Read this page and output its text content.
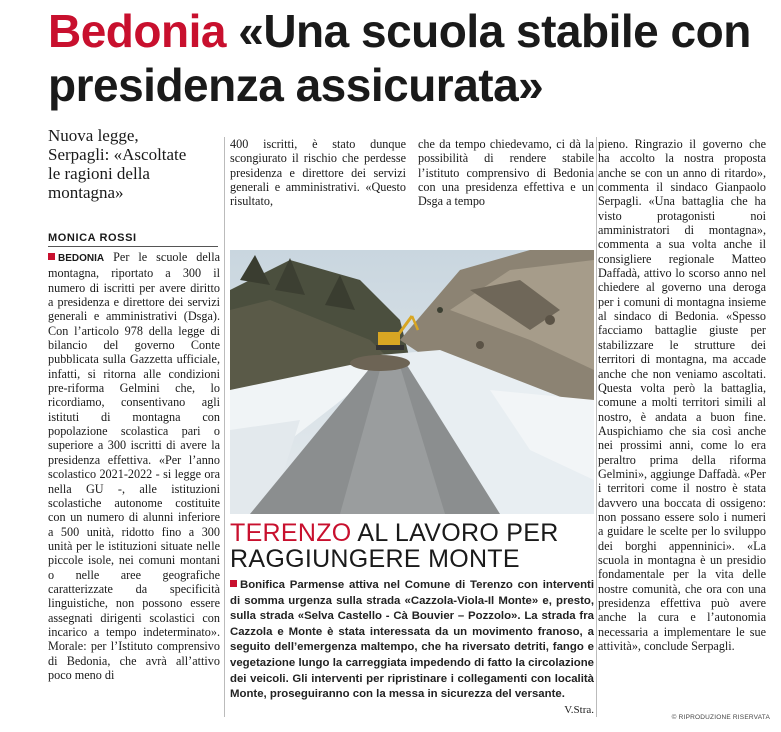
Bedonia «Una scuola stabile con presidenza assicurata»
Nuova legge, Serpagli: «Ascoltate le ragioni della montagna»
MONICA ROSSI
BEDONIA Per le scuole della montagna, riportato a 300 il numero di iscritti per avere diritto a presidenza e direttore dei servizi generali e amministrativi (Dsga). Con l’articolo 978 della legge di bilancio del governo Conte pubblicata sulla Gazzetta ufficiale, infatti, si ritorna alle condizioni pre-riforma Gelmini che, lo ricordiamo, consentivano agli istituti di montagna con popolazione scolastica pari o superiore a 300 iscritti di avere la presidenza effettiva. «Per l’anno scolastico 2021-2022 - si legge ora nella GU -, alle istituzioni scolastiche autonome costituite con un numero di alunni inferiore a 500 unità, ridotto fino a 300 unità per le istituzioni situate nelle piccole isole, nei comuni montani o nelle aree geografiche caratterizzate da specificità linguistiche, non possono essere assegnati dirigenti scolastici con incarico a tempo indeterminato». Morale: per l’Istituto comprensivo di Bedonia, che avrà all’attivo poco meno di
400 iscritti, è stato dunque scongiurato il rischio che perdesse presidenza e direttore dei servizi generali e amministrativi. «Questo risultato,
che da tempo chiedevamo, ci dà la possibilità di rendere stabile l’istituto comprensivo di Bedonia con una presidenza effettiva e un Dsga a tempo
pieno. Ringrazio il governo che ha accolto la nostra proposta anche se con un anno di ritardo», commenta il sindaco Gianpaolo Serpagli. «Una battaglia che ha visto protagonisti noi amministratori di montagna», commenta a sua volta anche il consigliere regionale Matteo Daffadà, attivo lo scorso anno nel chiedere al governo una deroga per i comuni di montagna insieme al sindaco di Bedonia. «Spesso facciamo battaglie giuste per stabilizzare le strutture dei territori di montagna, ma accade anche che non veniamo ascoltati. Questa volta però la battaglia, comune a molti territori simili al nostro, è andata a buon fine. Auspichiamo che sia così anche nei prossimi anni, come lo era peraltro prima della riforma Gelmini», aggiunge Daffadà. «Per i territori come il nostro è stata davvero una boccata di ossigeno: non possano essere solo i numeri a guidare le scelte per lo sviluppo dei borghi appenninici». «La scuola in montagna è un presidio fondamentale per la vita delle nostre comunità, che ora con una presidenza effettiva può avere anche la cura e l’autonomia necessaria a implementare le sue attività», conclude Serpagli.
TERENZO AL LAVORO PER RAGGIUNGERE MONTE
Bonifica Parmense attiva nel Comune di Terenzo con interventi di somma urgenza sulla strada «Cazzola-Viola-Il Monte» e, presto, sulla strada «Selva Castello - Cà Bouvier – Pozzolo». La strada fra Cazzola e Monte è stata interessata da un movimento franoso, a seguito dell’emergenza maltempo, che ha riversato detriti, fango e vegetazione lungo la carreggiata impedendo di fatto la circolazione dei veicoli. Gli interventi per ripristinare i collegamenti con località Monte, proseguiranno con la messa in sicurezza del versante.
V.Stra.
© RIPRODUZIONE RISERVATA
